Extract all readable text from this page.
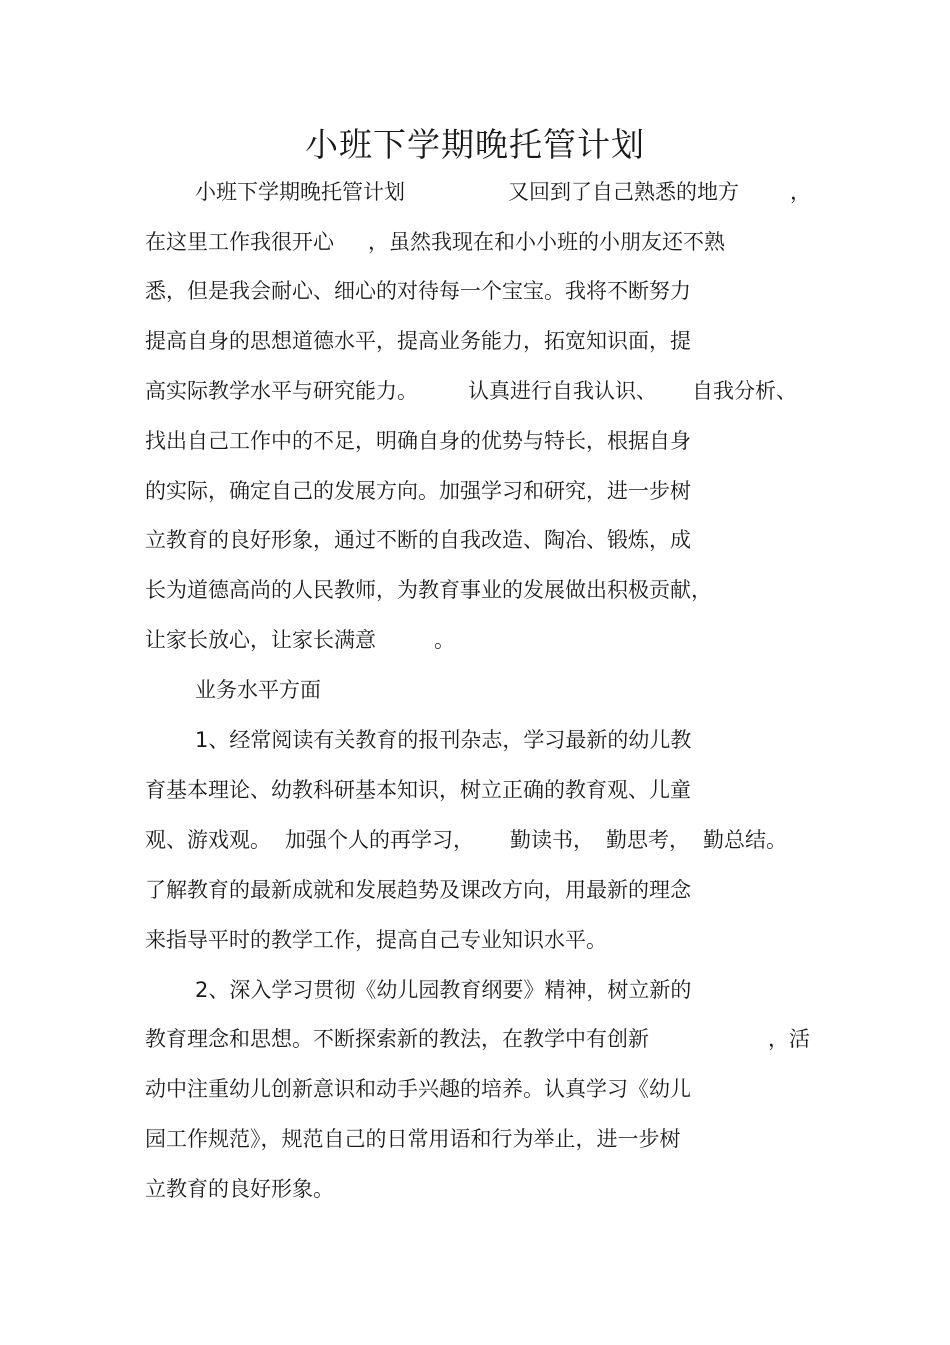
小班下学期晚托管计划
小班下学期晚托管计划	又回到了自己熟悉的地方 ，
在这里工作我很开心 ，虽然我现在和小小班的小朋友还不熟
悉，但是我会耐心、细心的对待每一个宝宝。我将不断努力
提高自身的思想道德水平，提高业务能力，拓宽知识面，提
高实际教学水平与研究能力。 认真进行自我认识、 自我分析、
找出自己工作中的不足，明确自身的优势与特长，根据自身
的实际，确定自己的发展方向。加强学习和研究，进一步树
立教育的良好形象，通过不断的自我改造、陶冶、锻炼，成
长为道德高尚的人民教师，为教育事业的发展做出积极贡献，
让家长放心，让家长满意	。
业务水平方面
1、经常阅读有关教育的报刊杂志，学习最新的幼儿教
育基本理论、幼教科研基本知识，树立正确的教育观、儿童
观、游戏观。 加强个人的再学习， 勤读书， 勤思考， 勤总结。
了解教育的最新成就和发展趋势及课改方向，用最新的理念
来指导平时的教学工作，提高自己专业知识水平。
2、深入学习贯彻《幼儿园教育纲要》精神，树立新的
教育理念和思想。不断探索新的教法，在教学中有创新	，活
动中注重幼儿创新意识和动手兴趣的培养。认真学习《幼儿
园工作规范》，规范自己的日常用语和行为举止，进一步树
立教育的良好形象。
